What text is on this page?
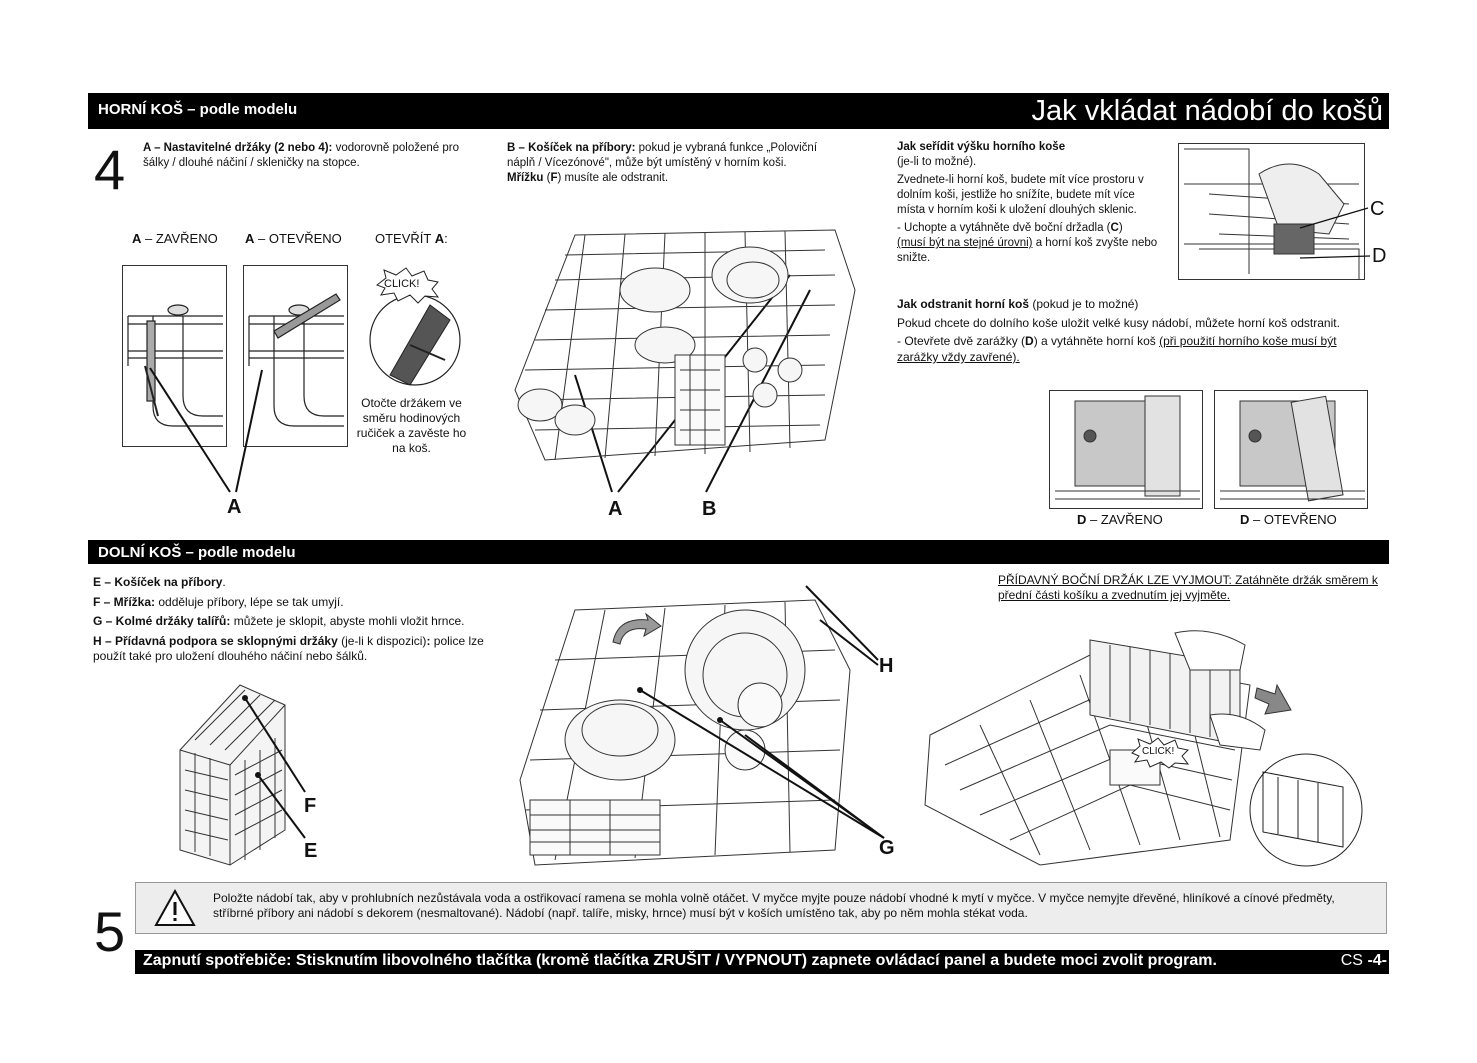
HORNÍ KOŠ – podle modelu	Jak vkládat nádobí do košů
4 A – Nastavitelné držáky (2 nebo 4): vodorovně položené pro šálky / dlouhé náčiní / skleničky na stopce.
B – Košíček na příbory: pokud je vybraná funkce „Poloviční náplň / Vícezónové", může být umístěný v horním koši.
Mřížku (F) musíte ale odstranit.
A – ZAVŘENO A – OTEVŘENO	OTEVŘÍT A:
CLICK!
Otočte držákem ve směru hodinových ručiček a zavěste ho na koš.
A	A	B
Jak seřídit výšku horního koše
(je-li to možné).
Zvednete-li horní koš, budete mít více prostoru v dolním koši, jestliže ho snížíte, budete mít více místa v horním koši k uložení dlouhých sklenic.
- Uchopte a vytáhněte dvě boční držadla (C)
(musí být na stejné úrovni) a horní koš zvyšte nebo snižte.
C
D
Jak odstranit horní koš (pokud je to možné)
Pokud chcete do dolního koše uložit velké kusy nádobí, můžete horní koš odstranit.
- Otevřete dvě zarážky (D) a vytáhněte horní koš (při použití horního koše musí být zarážky vždy zavřené).
D – ZAVŘENO	D – OTEVŘENO
DOLNÍ KOŠ – podle modelu
E – Košíček na příbory.
F – Mřížka: odděluje příbory, lépe se tak umyjí.
G – Kolmé držáky talířů: můžete je sklopit, abyste mohli vložit hrnce.
H – Přídavná podpora se sklopnými držáky (je-li k dispozici): police lze použít také pro uložení dlouhého náčiní nebo šálků.
F
E
H
G
PŘÍDAVNÝ BOČNÍ DRŽÁK LZE VYJMOUT: Zatáhněte držák směrem k přední části košíku a zvednutím jej vyjměte.
CLICK!
5
Položte nádobí tak, aby v prohlubních nezůstávala voda a ostřikovací ramena se mohla volně otáčet. V myčce myjte pouze nádobí vhodné k mytí v myčce. V myčce nemyjte dřevěné, hliníkové a cínové předměty, stříbrné příbory ani nádobí s dekorem (nesmaltované). Nádobí (např. talíře, misky, hrnce) musí být v koších umístěno tak, aby po něm mohla stékat voda.
Zapnutí spotřebiče: Stisknutím libovolného tlačítka (kromě tlačítka ZRUŠIT / VYPNOUT) zapnete ovládací panel a budete moci zvolit program.	CS -4-
